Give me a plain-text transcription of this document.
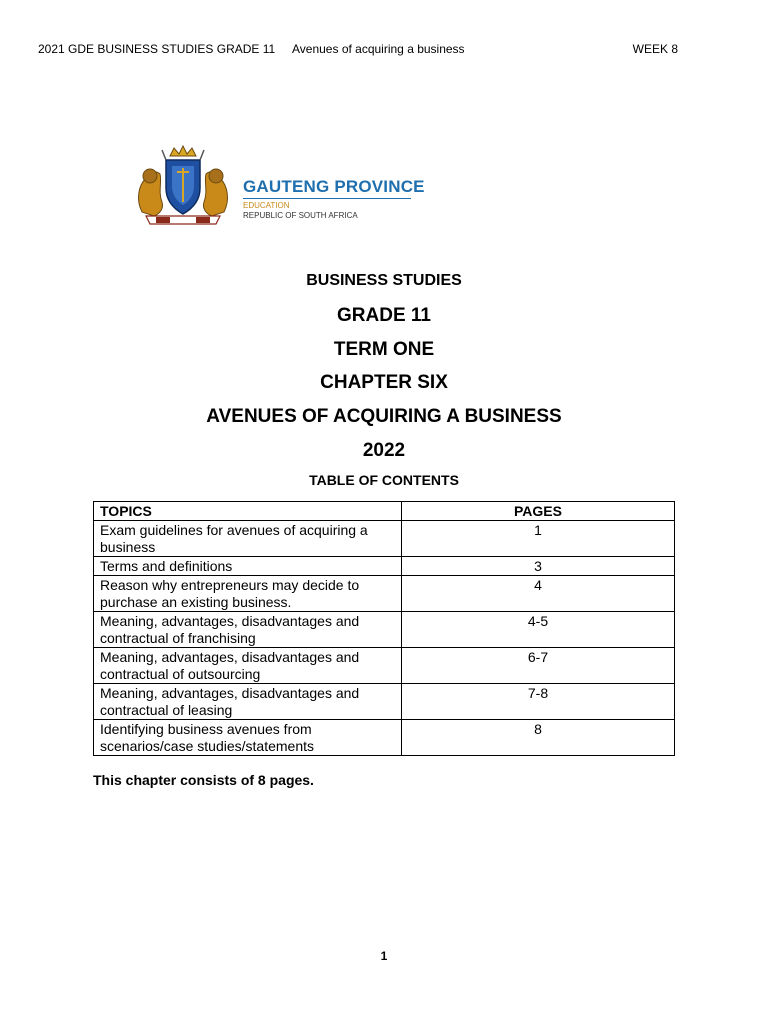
2021 GDE BUSINESS STUDIES GRADE 11 Avenues of acquiring a business	WEEK 8
GAUTENG PROVINCE
EDUCATION
REPUBLIC OF SOUTH AFRICA
BUSINESS STUDIES
GRADE 11
TERM ONE
CHAPTER SIX
AVENUES OF ACQUIRING A BUSINESS
2022
TABLE OF CONTENTS
TOPICS	PAGES
Exam guidelines for avenues of acquiring a business	1
Terms and definitions	3
Reason why entrepreneurs may decide to purchase an existing business.	4
Meaning, advantages, disadvantages and contractual of franchising	4-5
Meaning, advantages, disadvantages and contractual of outsourcing	6-7
Meaning, advantages, disadvantages and contractual of leasing	7-8
Identifying business avenues from scenarios/case studies/statements	8
This chapter consists of 8 pages.
1
